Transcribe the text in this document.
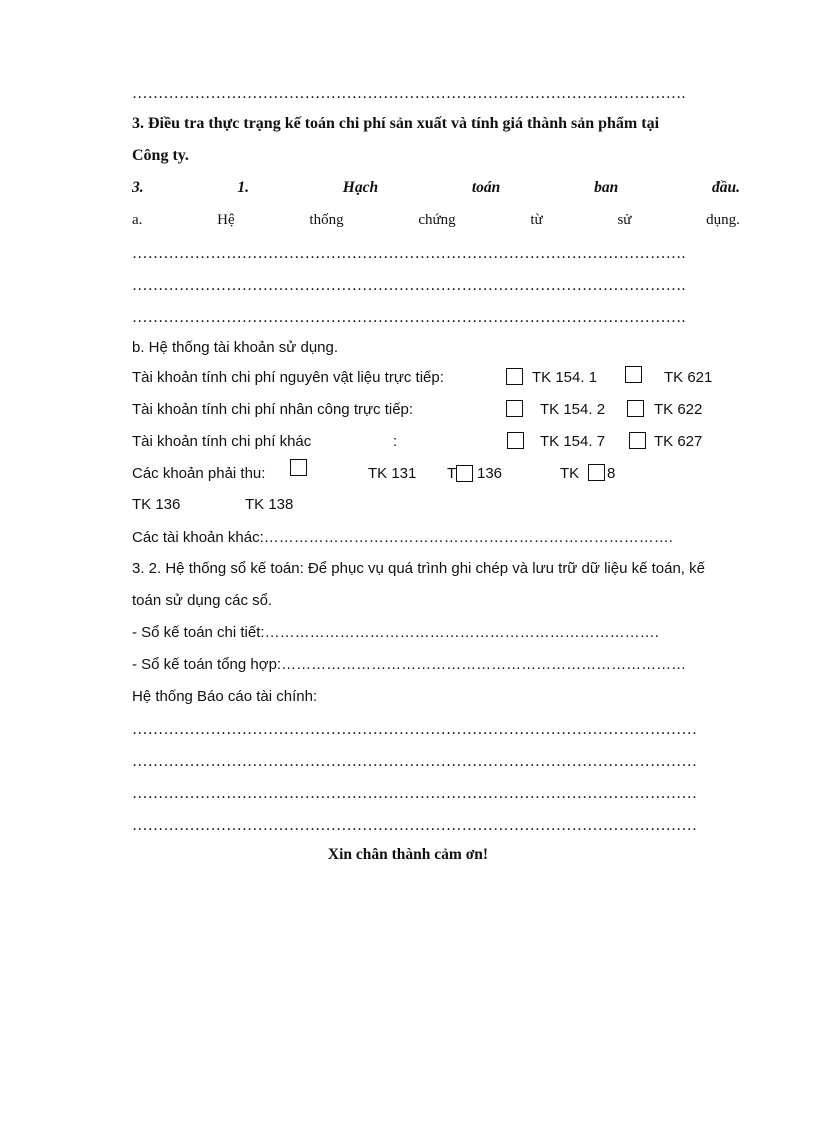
…………………………………………………………………………………………….
3. Điều tra thực trạng kế toán chi phí sản xuất và tính giá thành sản phẩm tại
Công ty.
3.	1.	Hạch	toán	ban	đầu.
a.	Hệ	thống	chứng	từ	sử	dụng.
…………………………………………………………………………………………….
…………………………………………………………………………………………….
…………………………………………………………………………………………….
b. Hệ thống tài khoản sử dụng.
Tài khoản tính chi phí nguyên vật liệu trực tiếp:	TK 154. 1	TK 621
Tài khoản tính chi phí nhân công trực tiếp:	TK 154. 2	TK 622
Tài khoản tính chi phí khác	:	TK 154. 7	TK 627
Các khoản phải thu:	TK 131 T 136	TK 8
TK 136	TK 138
Các tài khoản khác:……………………………………………………………………….
3. 2. Hệ thống sổ kế toán: Để phục vụ quá trình ghi chép và lưu trữ dữ liệu kế toán, kế
toán sử dụng các sổ.
- Sổ kế toán chi tiết:…………………………………………………………………….
- Sổ kế toán tổng hợp:………………………………………………………………………
Hệ thống Báo cáo tài chính:
………………………………………………………………………………………………
………………………………………………………………………………………………
………………………………………………………………………………………………
………………………………………………………………………………………………
Xin chân thành cảm ơn!
